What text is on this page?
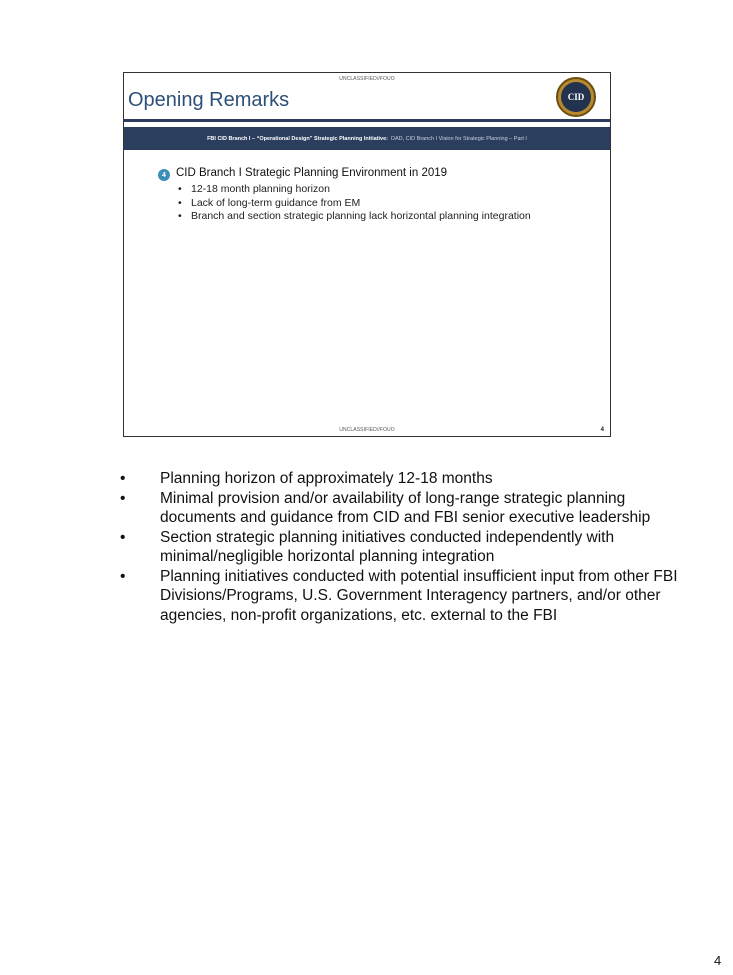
UNCLASSIFIED//FOUO
Opening Remarks	CID
FBI CID Branch I – “Operational Design” Strategic Planning Initiative: DAD, CID Branch I Vision for Strategic Planning – Part I
4 CID Branch I Strategic Planning Environment in 2019
• 12-18 month planning horizon
• Lack of long-term guidance from EM
• Branch and section strategic planning lack horizontal planning integration
UNCLASSIFIED//FOUO	4
• Planning horizon of approximately 12-18 months
• Minimal provision and/or availability of long-range strategic planning documents and guidance from CID and FBI senior executive leadership
• Section strategic planning initiatives conducted independently with minimal/negligible horizontal planning integration
• Planning initiatives conducted with potential insufficient input from other FBI Divisions/Programs, U.S. Government Interagency partners, and/or other agencies, non-profit organizations, etc. external to the FBI
4
